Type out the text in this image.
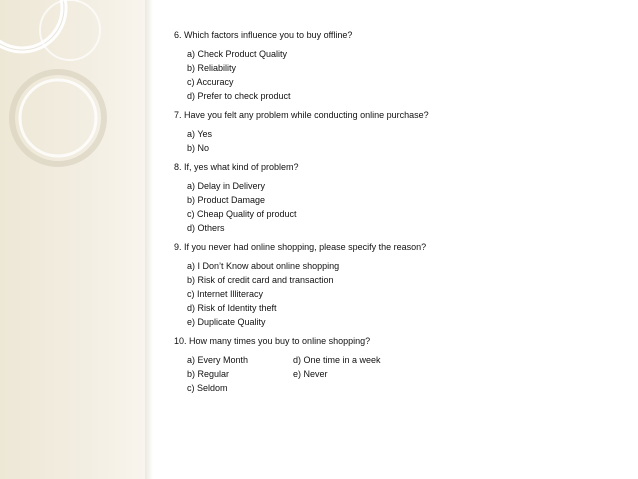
6. Which factors influence you to buy offline?

a) Check Product Quality
b) Reliability
c) Accuracy
d) Prefer to check product

7. Have you felt any problem while conducting online purchase?

a) Yes
b) No

8. If, yes what kind of problem?

a) Delay in Delivery
b) Product Damage
c) Cheap Quality of product
d) Others

9. If you never had online shopping, please specify the reason?

a) I Don’t Know about online shopping
b) Risk of credit card and transaction
c) Internet Illiteracy
d) Risk of Identity theft
e) Duplicate Quality

10. How many times you buy to online shopping?

a) Every Month	d) One time in a week
b) Regular	e) Never
c) Seldom
